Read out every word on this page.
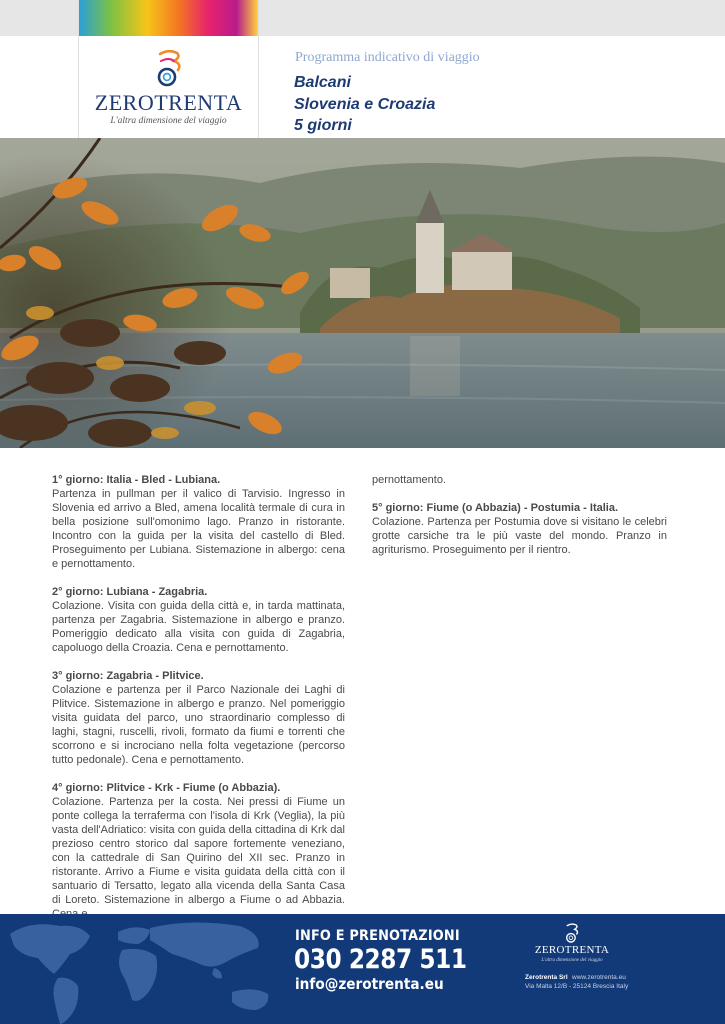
ZEROTRENTA
L'altra dimensione del viaggio
Programma indicativo di viaggio
Balcani
Slovenia e Croazia
5 giorni
1° giorno: Italia - Bled - Lubiana.
Partenza in pullman per il valico di Tarvisio. Ingresso in Slovenia ed arrivo a Bled, amena località termale di cura in bella posizione sull'omonimo lago. Pranzo in ristorante. Incontro con la guida per la visita del castello di Bled. Proseguimento per Lubiana. Sistemazione in albergo: cena e pernottamento.
2° giorno: Lubiana - Zagabria.
Colazione. Visita con guida della città e, in tarda mattinata, partenza per Zagabria. Sistemazione in albergo e pranzo. Pomeriggio dedicato alla visita con guida di Zagabria, capoluogo della Croazia. Cena e pernottamento.
3° giorno: Zagabria - Plitvice.
Colazione e partenza per il Parco Nazionale dei Laghi di Plitvice. Sistemazione in albergo e pranzo. Nel pomeriggio visita guidata del parco, uno straordinario complesso di laghi, stagni, ruscelli, rivoli, formato da fiumi e torrenti che scorrono e si incrociano nella folta vegetazione (percorso tutto pedonale). Cena e pernottamento.
4° giorno: Plitvice - Krk - Fiume (o Abbazia).
Colazione. Partenza per la costa. Nei pressi di Fiume un ponte collega la terraferma con l'isola di Krk (Veglia), la più vasta dell'Adriatico: visita con guida della cittadina di Krk dal prezioso centro storico dal sapore fortemente veneziano, con la cattedrale di San Quirino del XII sec. Pranzo in ristorante. Arrivo a Fiume e visita guidata della città con il santuario di Tersatto, legato alla vicenda della Santa Casa di Loreto. Sistemazione in albergo a Fiume o ad Abbazia.
pernottamento.
5° giorno: Fiume (o Abbazia) - Postumia - Italia.
Colazione. Partenza per Postumia dove si visitano le celebri grotte carsiche tra le più vaste del mondo. Pranzo in agriturismo. Proseguimento per il rientro.
INFO E PRENOTAZIONI
030 2287 511
info@zerotrenta.eu
ZEROTRENTA
L'altra dimensione del viaggio
Zerotrenta Srl www.zerotrenta.eu
Via Malta 12/B - 25124 Brescia Italy
